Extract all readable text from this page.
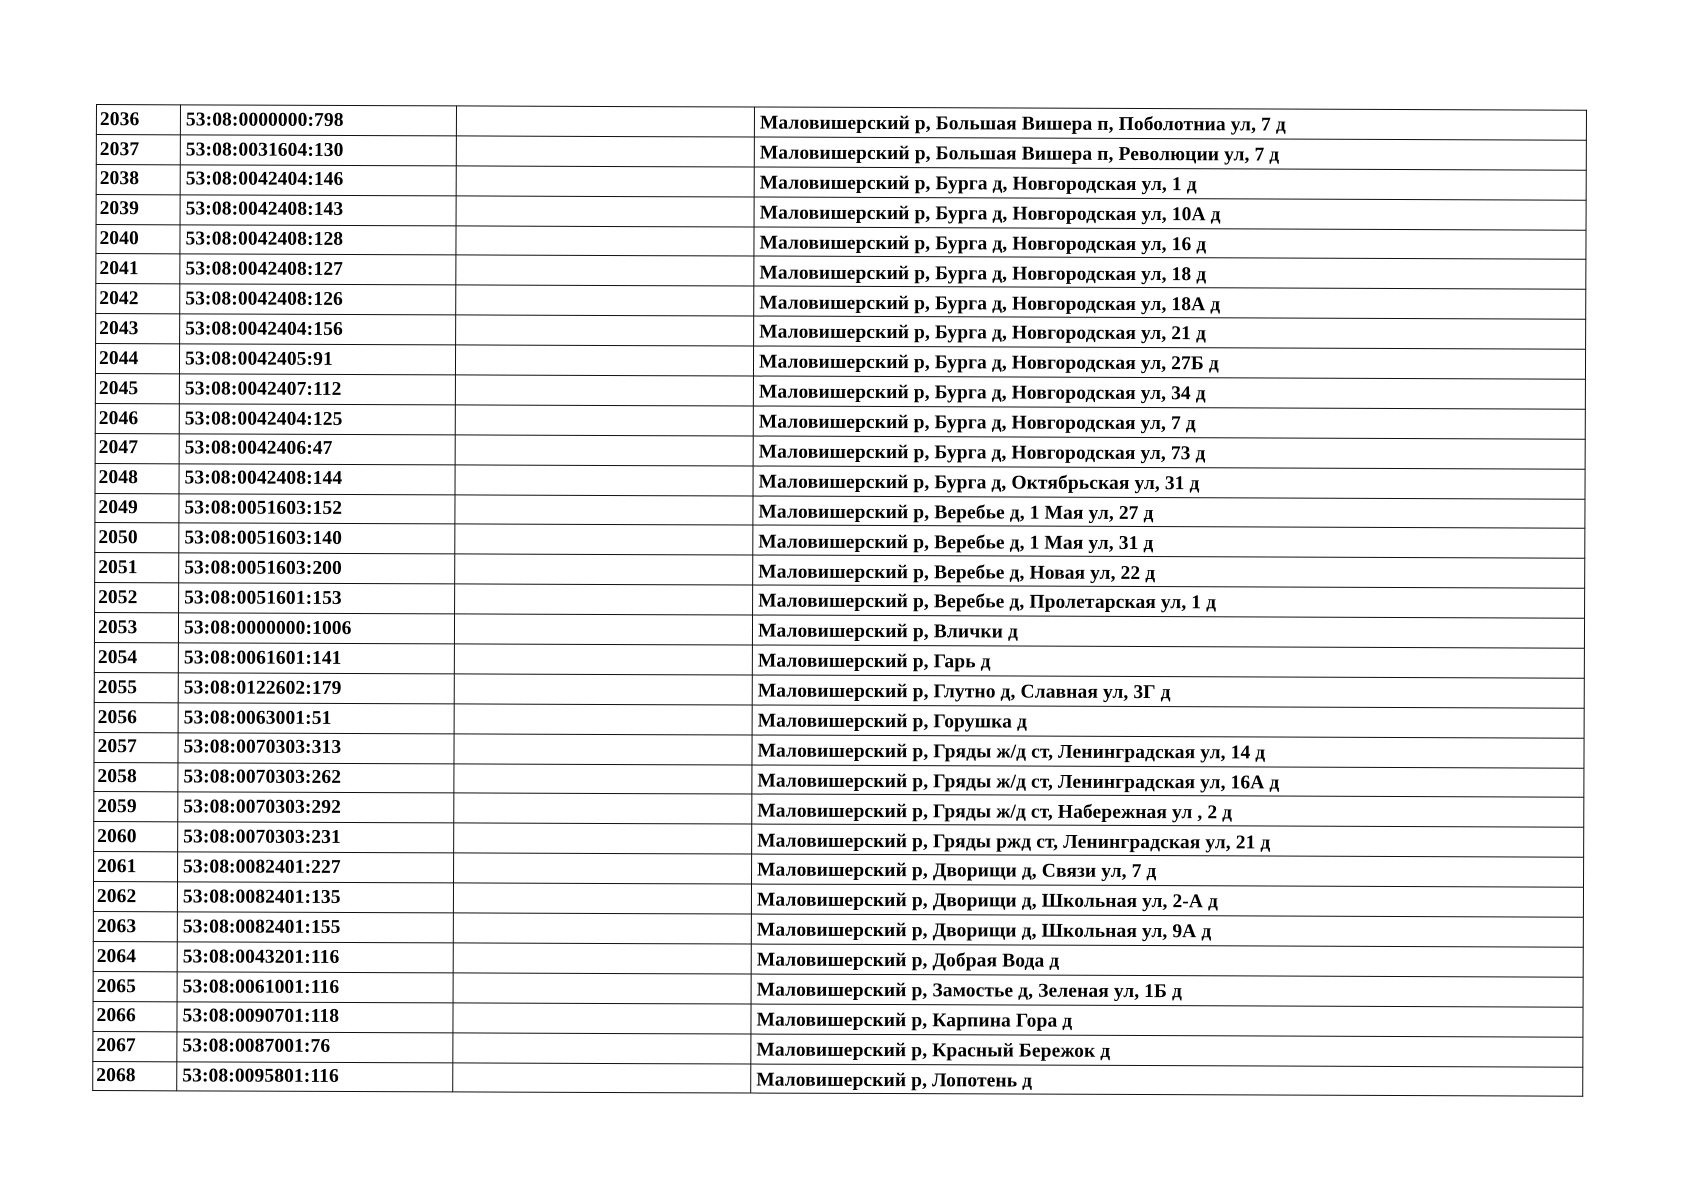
2036	53:08:0000000:798		Маловишерский р, Большая Вишера п, Поболотниа ул, 7 д
2037	53:08:0031604:130		Маловишерский р, Большая Вишера п, Революции ул, 7 д
2038	53:08:0042404:146		Маловишерский р, Бурга д, Новгородская ул, 1 д
2039	53:08:0042408:143		Маловишерский р, Бурга д, Новгородская ул, 10А д
2040	53:08:0042408:128		Маловишерский р, Бурга д, Новгородская ул, 16 д
2041	53:08:0042408:127		Маловишерский р, Бурга д, Новгородская ул, 18 д
2042	53:08:0042408:126		Маловишерский р, Бурга д, Новгородская ул, 18А д
2043	53:08:0042404:156		Маловишерский р, Бурга д, Новгородская ул, 21 д
2044	53:08:0042405:91		Маловишерский р, Бурга д, Новгородская ул, 27Б д
2045	53:08:0042407:112		Маловишерский р, Бурга д, Новгородская ул, 34 д
2046	53:08:0042404:125		Маловишерский р, Бурга д, Новгородская ул, 7 д
2047	53:08:0042406:47		Маловишерский р, Бурга д, Новгородская ул, 73 д
2048	53:08:0042408:144		Маловишерский р, Бурга д, Октябрьская ул, 31 д
2049	53:08:0051603:152		Маловишерский р, Веребье д, 1 Мая ул, 27 д
2050	53:08:0051603:140		Маловишерский р, Веребье д, 1 Мая ул, 31 д
2051	53:08:0051603:200		Маловишерский р, Веребье д, Новая ул, 22 д
2052	53:08:0051601:153		Маловишерский р, Веребье д, Пролетарская ул, 1 д
2053	53:08:0000000:1006		Маловишерский р, Влички д
2054	53:08:0061601:141		Маловишерский р, Гарь д
2055	53:08:0122602:179		Маловишерский р, Глутно д, Славная ул, 3Г д
2056	53:08:0063001:51		Маловишерский р, Горушка д
2057	53:08:0070303:313		Маловишерский р, Гряды ж/д ст, Ленинградская ул, 14 д
2058	53:08:0070303:262		Маловишерский р, Гряды ж/д ст, Ленинградская ул, 16А д
2059	53:08:0070303:292		Маловишерский р, Гряды ж/д ст, Набережная ул , 2 д
2060	53:08:0070303:231		Маловишерский р, Гряды ржд ст, Ленинградская ул, 21 д
2061	53:08:0082401:227		Маловишерский р, Дворищи д, Связи ул, 7 д
2062	53:08:0082401:135		Маловишерский р, Дворищи д, Школьная ул, 2-А д
2063	53:08:0082401:155		Маловишерский р, Дворищи д, Школьная ул, 9А д
2064	53:08:0043201:116		Маловишерский р, Добрая Вода д
2065	53:08:0061001:116		Маловишерский р, Замостье д, Зеленая ул, 1Б д
2066	53:08:0090701:118		Маловишерский р, Карпина Гора д
2067	53:08:0087001:76		Маловишерский р, Красный Бережок д
2068	53:08:0095801:116		Маловишерский р, Лопотень д
